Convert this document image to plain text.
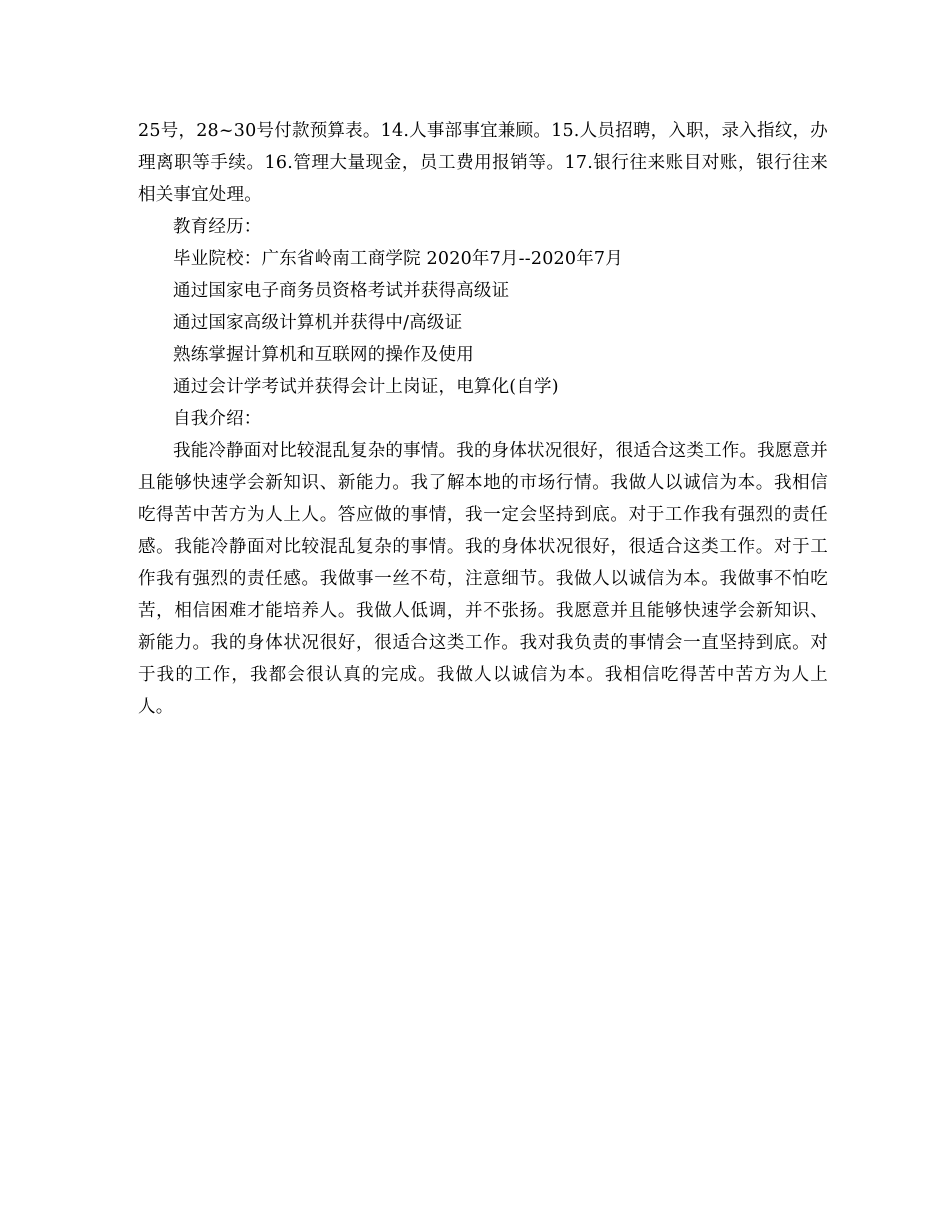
25号，28~30号付款预算表。14.人事部事宜兼顾。15.人员招聘，入职，录入指纹，办理离职等手续。16.管理大量现金，员工费用报销等。17.银行往来账目对账，银行往来相关事宜处理。

教育经历：

毕业院校：广东省岭南工商学院 2020年7月--2020年7月

通过国家电子商务员资格考试并获得高级证

通过国家高级计算机并获得中/高级证

熟练掌握计算机和互联网的操作及使用

通过会计学考试并获得会计上岗证，电算化(自学)

自我介绍：

我能冷静面对比较混乱复杂的事情。我的身体状况很好，很适合这类工作。我愿意并且能够快速学会新知识、新能力。我了解本地的市场行情。我做人以诚信为本。我相信吃得苦中苦方为人上人。答应做的事情，我一定会坚持到底。对于工作我有强烈的责任感。我能冷静面对比较混乱复杂的事情。我的身体状况很好，很适合这类工作。对于工作我有强烈的责任感。我做事一丝不苟，注意细节。我做人以诚信为本。我做事不怕吃苦，相信困难才能培养人。我做人低调，并不张扬。我愿意并且能够快速学会新知识、新能力。我的身体状况很好，很适合这类工作。我对我负责的事情会一直坚持到底。对于我的工作，我都会很认真的完成。我做人以诚信为本。我相信吃得苦中苦方为人上人。
